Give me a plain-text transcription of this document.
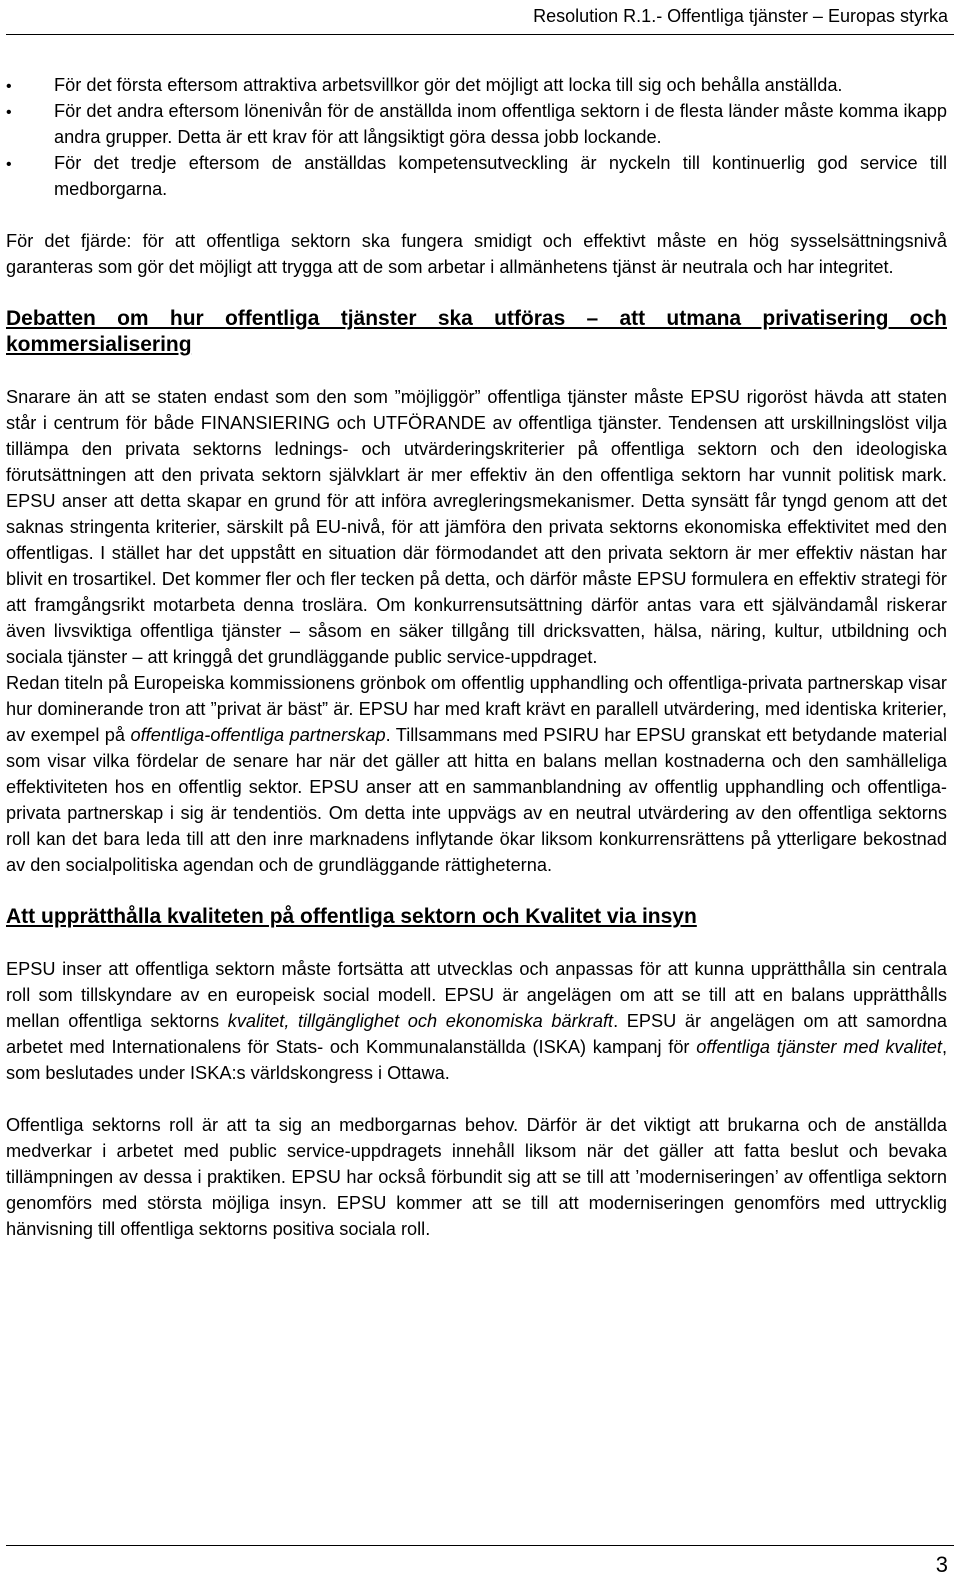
Resolution R.1.- Offentliga tjänster – Europas styrka
• För det första eftersom attraktiva arbetsvillkor gör det möjligt att locka till sig och behålla anställda.
• För det andra eftersom lönenivån för de anställda inom offentliga sektorn i de flesta länder måste komma ikapp andra grupper. Detta är ett krav för att långsiktigt göra dessa jobb lockande.
• För det tredje eftersom de anställdas kompetensutveckling är nyckeln till kontinuerlig god service till medborgarna.

För det fjärde: för att offentliga sektorn ska fungera smidigt och effektivt måste en hög sysselsättningsnivå garanteras som gör det möjligt att trygga att de som arbetar i allmänhetens tjänst är neutrala och har integritet.

Debatten om hur offentliga tjänster ska utföras – att utmana privatisering och kommersialisering

Snarare än att se staten endast som den som ”möjliggör” offentliga tjänster måste EPSU rigoröst hävda att staten står i centrum för både FINANSIERING och UTFÖRANDE av offentliga tjänster. Tendensen att urskillningslöst vilja tillämpa den privata sektorns lednings- och utvärderingskriterier på offentliga sektorn och den ideologiska förutsättningen att den privata sektorn självklart är mer effektiv än den offentliga sektorn har vunnit politisk mark. EPSU anser att detta skapar en grund för att införa avregleringsmekanismer. Detta synsätt får tyngd genom att det saknas stringenta kriterier, särskilt på EU-nivå, för att jämföra den privata sektorns ekonomiska effektivitet med den offentligas. I stället har det uppstått en situation där förmodandet att den privata sektorn är mer effektiv nästan har blivit en trosartikel. Det kommer fler och fler tecken på detta, och därför måste EPSU formulera en effektiv strategi för att framgångsrikt motarbeta denna troslära. Om konkurrensutsättning därför antas vara ett självändamål riskerar även livsviktiga offentliga tjänster – såsom en säker tillgång till dricksvatten, hälsa, näring, kultur, utbildning och sociala tjänster – att kringgå det grundläggande public service-uppdraget.

Redan titeln på Europeiska kommissionens grönbok om offentlig upphandling och offentliga-privata partnerskap visar hur dominerande tron att ”privat är bäst” är. EPSU har med kraft krävt en parallell utvärdering, med identiska kriterier, av exempel på offentliga-offentliga partnerskap. Tillsammans med PSIRU har EPSU granskat ett betydande material som visar vilka fördelar de senare har när det gäller att hitta en balans mellan kostnaderna och den samhälleliga effektiviteten hos en offentlig sektor. EPSU anser att en sammanblandning av offentlig upphandling och offentliga-privata partnerskap i sig är tendentiös. Om detta inte uppvägs av en neutral utvärdering av den offentliga sektorns roll kan det bara leda till att den inre marknadens inflytande ökar liksom konkurrensrättens på ytterligare bekostnad av den socialpolitiska agendan och de grundläggande rättigheterna.

Att upprätthålla kvaliteten på offentliga sektorn och Kvalitet via insyn

EPSU inser att offentliga sektorn måste fortsätta att utvecklas och anpassas för att kunna upprätthålla sin centrala roll som tillskyndare av en europeisk social modell. EPSU är angelägen om att se till att en balans upprätthålls mellan offentliga sektorns kvalitet, tillgänglighet och ekonomiska bärkraft. EPSU är angelägen om att samordna arbetet med Internationalens för Stats- och Kommunalanställda (ISKA) kampanj för offentliga tjänster med kvalitet, som beslutades under ISKA:s världskongress i Ottawa.

Offentliga sektorns roll är att ta sig an medborgarnas behov. Därför är det viktigt att brukarna och de anställda medverkar i arbetet med public service-uppdragets innehåll liksom när det gäller att fatta beslut och bevaka tillämpningen av dessa i praktiken. EPSU har också förbundit sig att se till att ’moderniseringen’ av offentliga sektorn genomförs med största möjliga insyn. EPSU kommer att se till att moderniseringen genomförs med uttrycklig hänvisning till offentliga sektorns positiva sociala roll.

3
